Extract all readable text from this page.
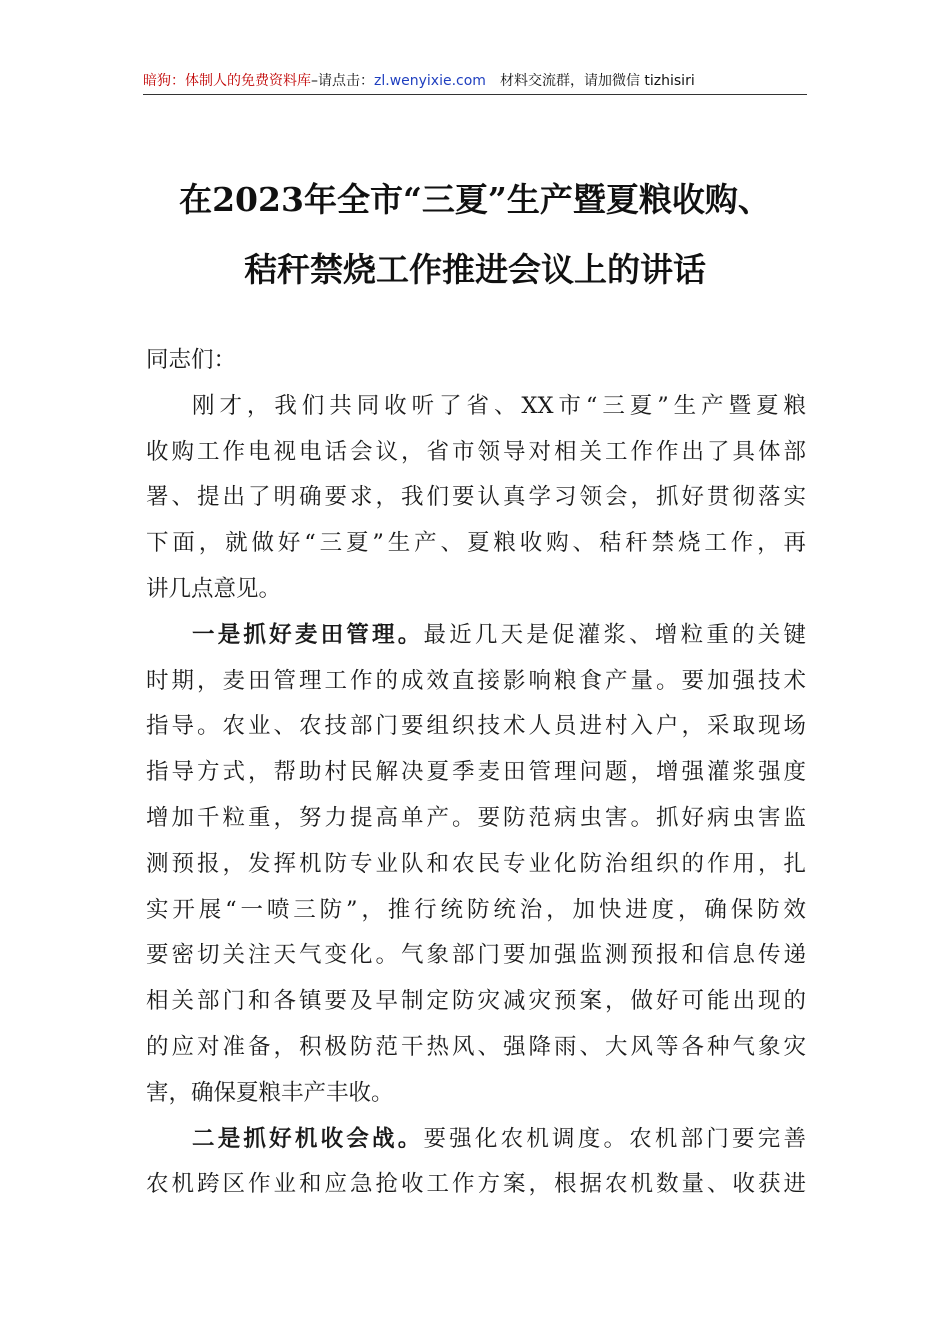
暗狗：体制人的免费资料库–请点击：zl.wenyixie.com 材料交流群，请加微信 tizhisiri
在2023年全市“三夏”生产暨夏粮收购、
秸秆禁烧工作推进会议上的讲话
同志们：
刚才，我们共同收听了省、XX市“三夏”生产暨夏粮
收购工作电视电话会议，省市领导对相关工作作出了具体部
署、提出了明确要求，我们要认真学习领会，抓好贯彻落实
下面，就做好“三夏”生产、夏粮收购、秸秆禁烧工作，再
讲几点意见。
一是抓好麦田管理。最近几天是促灌浆、增粒重的关键
时期，麦田管理工作的成效直接影响粮食产量。要加强技术
指导。农业、农技部门要组织技术人员进村入户，采取现场
指导方式，帮助村民解决夏季麦田管理问题，增强灌浆强度
增加千粒重，努力提高单产。要防范病虫害。抓好病虫害监
测预报，发挥机防专业队和农民专业化防治组织的作用，扎
实开展“一喷三防”，推行统防统治，加快进度，确保防效
要密切关注天气变化。气象部门要加强监测预报和信息传递
相关部门和各镇要及早制定防灾减灾预案，做好可能出现的
的应对准备，积极防范干热风、强降雨、大风等各种气象灾
害，确保夏粮丰产丰收。
二是抓好机收会战。要强化农机调度。农机部门要完善
农机跨区作业和应急抢收工作方案，根据农机数量、收获进
